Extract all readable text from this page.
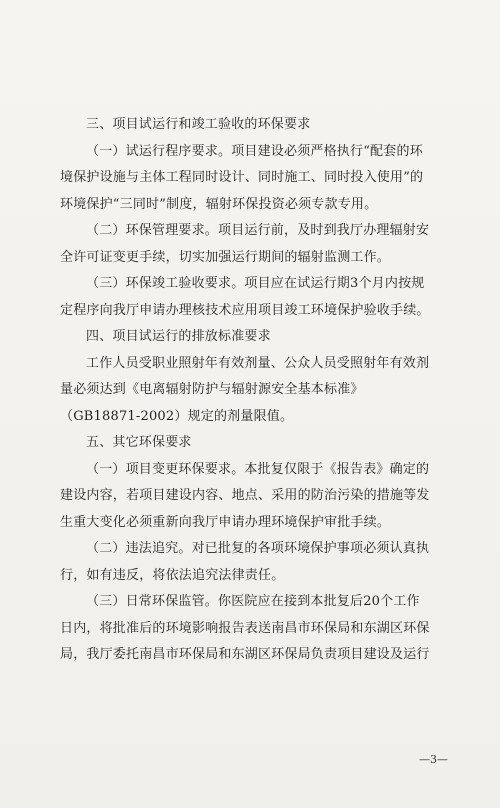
三、项目试运行和竣工验收的环保要求
（一）试运行程序要求。项目建设必须严格执行“配套的环
境保护设施与主体工程同时设计、同时施工、同时投入使用”的
环境保护“三同时”制度，辐射环保投资必须专款专用。
（二）环保管理要求。项目运行前，及时到我厅办理辐射安
全许可证变更手续，切实加强运行期间的辐射监测工作。
（三）环保竣工验收要求。项目应在试运行期3个月内按规
定程序向我厅申请办理核技术应用项目竣工环境保护验收手续。
四、项目试运行的排放标准要求
工作人员受职业照射年有效剂量、公众人员受照射年有效剂
量必须达到《电离辐射防护与辐射源安全基本标准》
（GB18871-2002）规定的剂量限值。
五、其它环保要求
（一）项目变更环保要求。本批复仅限于《报告表》确定的
建设内容，若项目建设内容、地点、采用的防治污染的措施等发
生重大变化必须重新向我厅申请办理环境保护审批手续。
（二）违法追究。对已批复的各项环境保护事项必须认真执
行，如有违反，将依法追究法律责任。
（三）日常环保监管。你医院应在接到本批复后20个工作
日内，将批准后的环境影响报告表送南昌市环保局和东湖区环保
局，我厅委托南昌市环保局和东湖区环保局负责项目建设及运行
—3—
